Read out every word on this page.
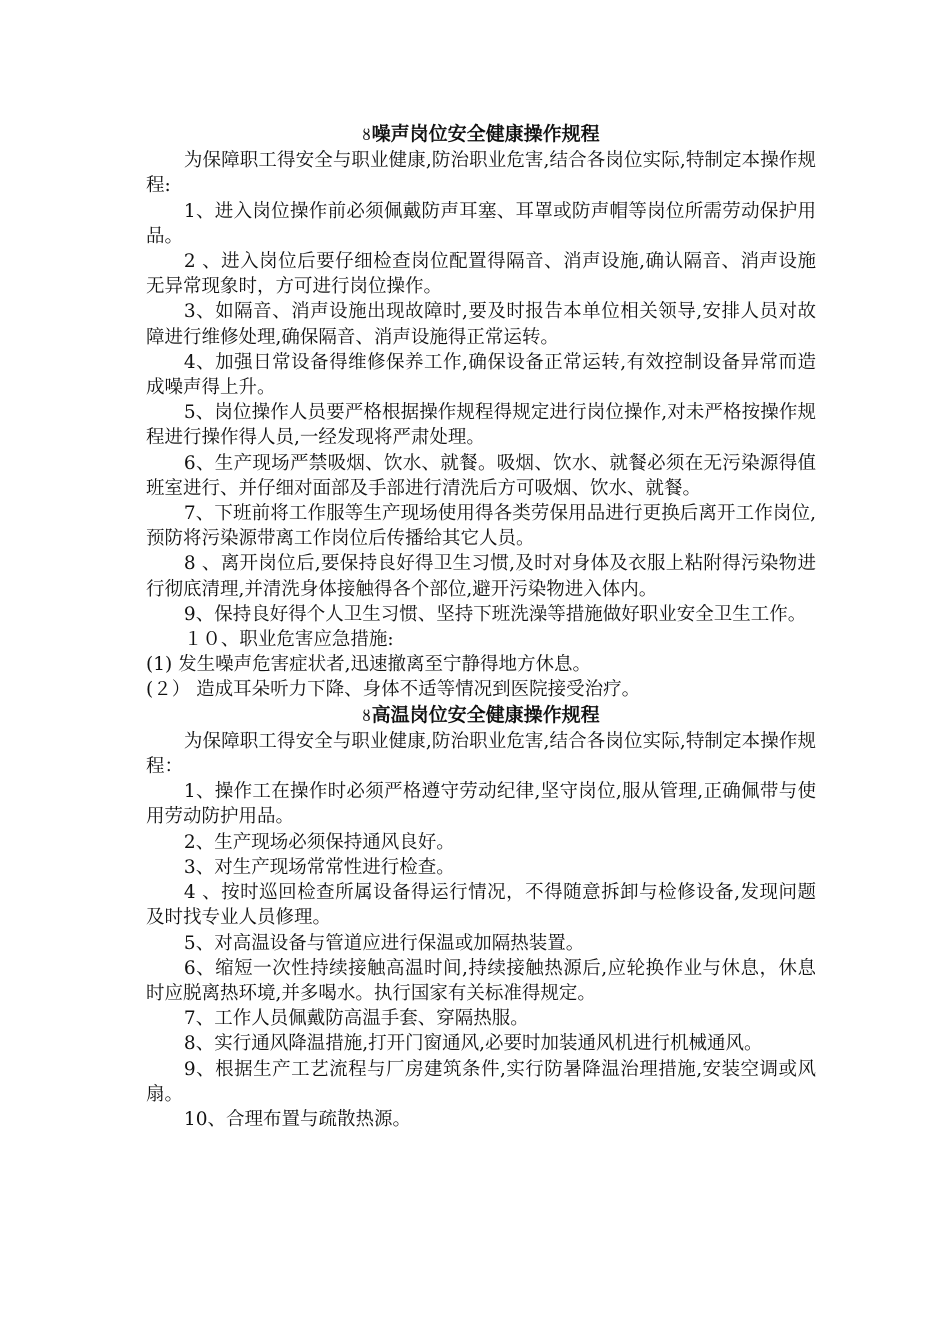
ȣ噪声岗位安全健康操作规程

为保障职工得安全与职业健康,防治职业危害,结合各岗位实际,特制定本操作规程:

1、进入岗位操作前必须佩戴防声耳塞、耳罩或防声帽等岗位所需劳动保护用品。

2 、进入岗位后要仔细检查岗位配置得隔音、消声设施,确认隔音、消声设施无异常现象时，方可进行岗位操作。

3、如隔音、消声设施出现故障时,要及时报告本单位相关领导,安排人员对故障进行维修处理,确保隔音、消声设施得正常运转。

4、加强日常设备得维修保养工作,确保设备正常运转,有效控制设备异常而造成噪声得上升。

5、岗位操作人员要严格根据操作规程得规定进行岗位操作,对未严格按操作规程进行操作得人员,一经发现将严肃处理。

6、生产现场严禁吸烟、饮水、就餐。吸烟、饮水、就餐必须在无污染源得值班室进行、并仔细对面部及手部进行清洗后方可吸烟、饮水、就餐。

7、下班前将工作服等生产现场使用得各类劳保用品进行更换后离开工作岗位,预防将污染源带离工作岗位后传播给其它人员。

8 、离开岗位后,要保持良好得卫生习惯,及时对身体及衣服上粘附得污染物进行彻底清理,并清洗身体接触得各个部位,避开污染物进入体内。

9、保持良好得个人卫生习惯、坚持下班洗澡等措施做好职业安全卫生工作。

１０、职业危害应急措施:

(1) 发生噪声危害症状者,迅速撤离至宁静得地方休息。

(２） 造成耳朵听力下降、身体不适等情况到医院接受治疗。

ȣ高温岗位安全健康操作规程

为保障职工得安全与职业健康,防治职业危害,结合各岗位实际,特制定本操作规程：

1、操作工在操作时必须严格遵守劳动纪律,坚守岗位,服从管理,正确佩带与使用劳动防护用品。

2、生产现场必须保持通风良好。

3、对生产现场常常性进行检查。

4 、按时巡回检查所属设备得运行情况，不得随意拆卸与检修设备,发现问题及时找专业人员修理。

5、对高温设备与管道应进行保温或加隔热装置。

6、缩短一次性持续接触高温时间,持续接触热源后,应轮换作业与休息，休息时应脱离热环境,并多喝水。执行国家有关标准得规定。

7、工作人员佩戴防高温手套、穿隔热服。

8、实行通风降温措施,打开门窗通风,必要时加装通风机进行机械通风。

9、根据生产工艺流程与厂房建筑条件,实行防暑降温治理措施,安装空调或风扇。

10、合理布置与疏散热源。
